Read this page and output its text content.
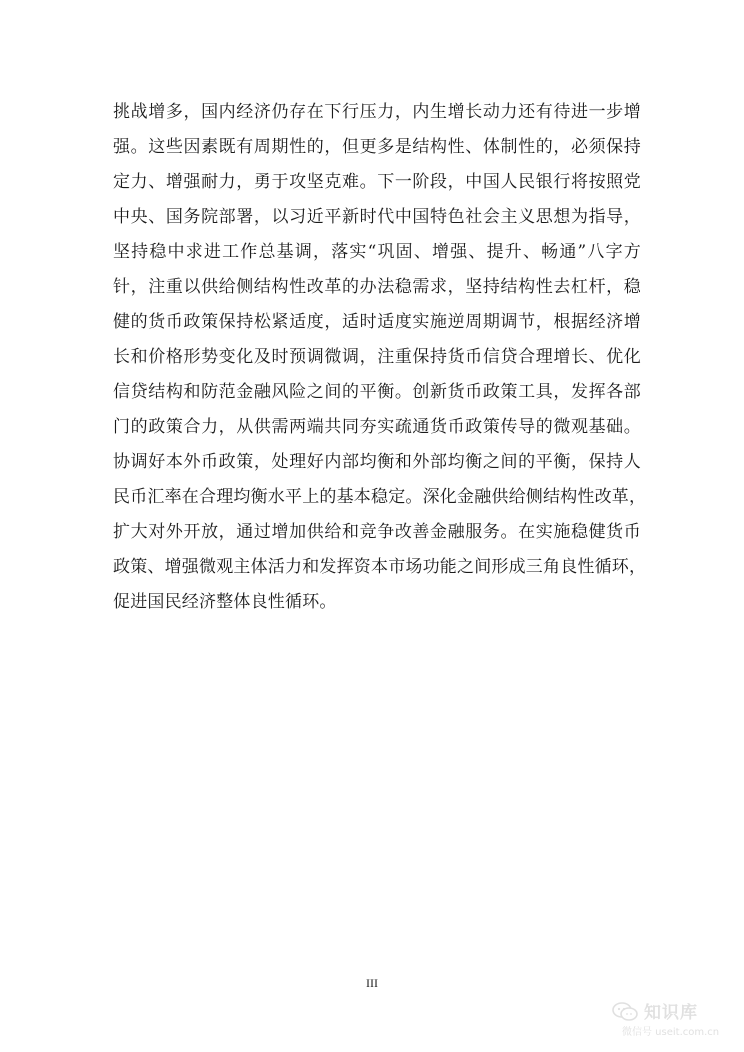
挑战增多，国内经济仍存在下行压力，内生增长动力还有待进一步增
强。这些因素既有周期性的，但更多是结构性、体制性的，必须保持
定力、增强耐力，勇于攻坚克难。下一阶段，中国人民银行将按照党
中央、国务院部署，以习近平新时代中国特色社会主义思想为指导，
坚持稳中求进工作总基调，落实“巩固、增强、提升、畅通”八字方
针，注重以供给侧结构性改革的办法稳需求，坚持结构性去杠杆，稳
健的货币政策保持松紧适度，适时适度实施逆周期调节，根据经济增
长和价格形势变化及时预调微调，注重保持货币信贷合理增长、优化
信贷结构和防范金融风险之间的平衡。创新货币政策工具，发挥各部
门的政策合力，从供需两端共同夯实疏通货币政策传导的微观基础。
协调好本外币政策，处理好内部均衡和外部均衡之间的平衡，保持人
民币汇率在合理均衡水平上的基本稳定。深化金融供给侧结构性改革，
扩大对外开放，通过增加供给和竞争改善金融服务。在实施稳健货币
政策、增强微观主体活力和发挥资本市场功能之间形成三角良性循环，
促进国民经济整体良性循环。

III
知识库
微信号 useit.com.cn
